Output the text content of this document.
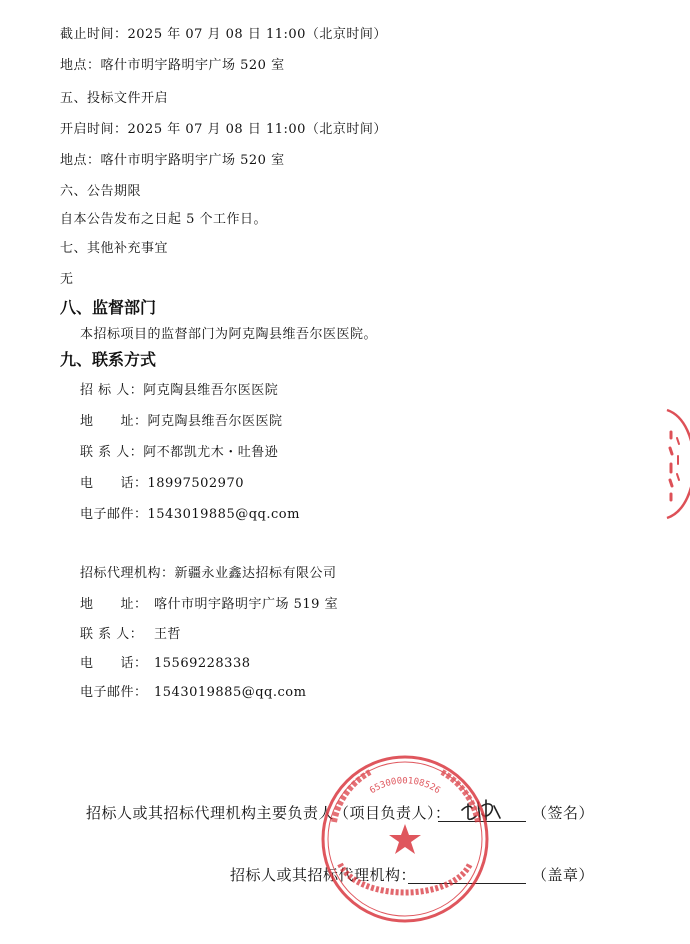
截止时间：2025 年 07 月 08 日 11:00（北京时间）
地点：喀什市明宇路明宇广场 520 室
五、投标文件开启
开启时间：2025 年 07 月 08 日 11:00（北京时间）
地点：喀什市明宇路明宇广场 520 室
六、公告期限
自本公告发布之日起 5 个工作日。
七、其他补充事宜
无
八、监督部门
本招标项目的监督部门为阿克陶县维吾尔医医院。
九、联系方式
招 标 人：阿克陶县维吾尔医医院
地　　址：阿克陶县维吾尔医医院
联 系 人：阿不都凯尤木・吐鲁逊
电　　话：18997502970
电子邮件：1543019885@qq.com
招标代理机构：新疆永业鑫达招标有限公司
地　　址： 喀什市明宇路明宇广场 519 室
联 系 人： 王哲
电　　话： 15569228338
电子邮件： 1543019885@qq.com
招标人或其招标代理机构主要负责人（项目负责人）：	（签名）
招标人或其招标代理机构：	（盖章）
6530000108526
